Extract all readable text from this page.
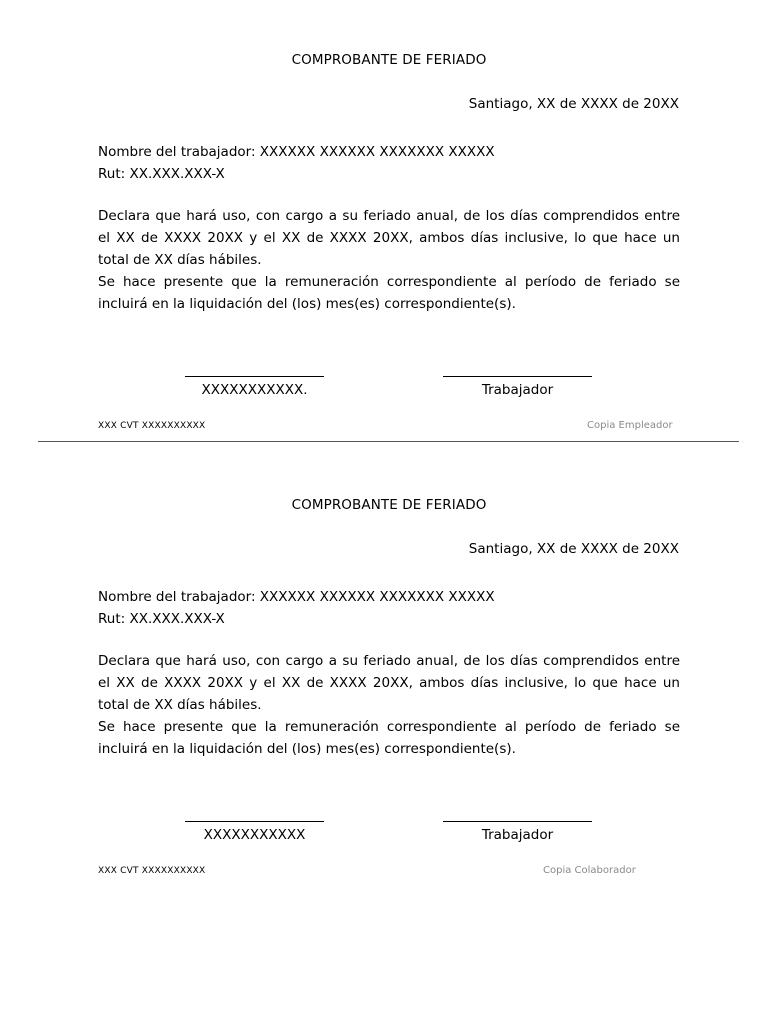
COMPROBANTE DE FERIADO
Santiago, XX de XXXX de 20XX
Nombre del trabajador: XXXXXX XXXXXX XXXXXXX XXXXX
Rut: XX.XXX.XXX-X

Declara que hará uso, con cargo a su feriado anual, de los días comprendidos entre el XX de XXXX 20XX y el XX de XXXX 20XX, ambos días inclusive, lo que hace un total de XX días hábiles.

Se hace presente que la remuneración correspondiente al período de feriado se incluirá en la liquidación del (los) mes(es) correspondiente(s).

XXXXXXXXXXX.	Trabajador
XXX CVT XXXXXXXXXX	Copia Empleador
COMPROBANTE DE FERIADO
Santiago, XX de XXXX de 20XX
Nombre del trabajador: XXXXXX XXXXXX XXXXXXX XXXXX
Rut: XX.XXX.XXX-X

Declara que hará uso, con cargo a su feriado anual, de los días comprendidos entre el XX de XXXX 20XX y el XX de XXXX 20XX, ambos días inclusive, lo que hace un total de XX días hábiles.

Se hace presente que la remuneración correspondiente al período de feriado se incluirá en la liquidación del (los) mes(es) correspondiente(s).

XXXXXXXXXXX	Trabajador
XXX CVT XXXXXXXXXX	Copia Colaborador
